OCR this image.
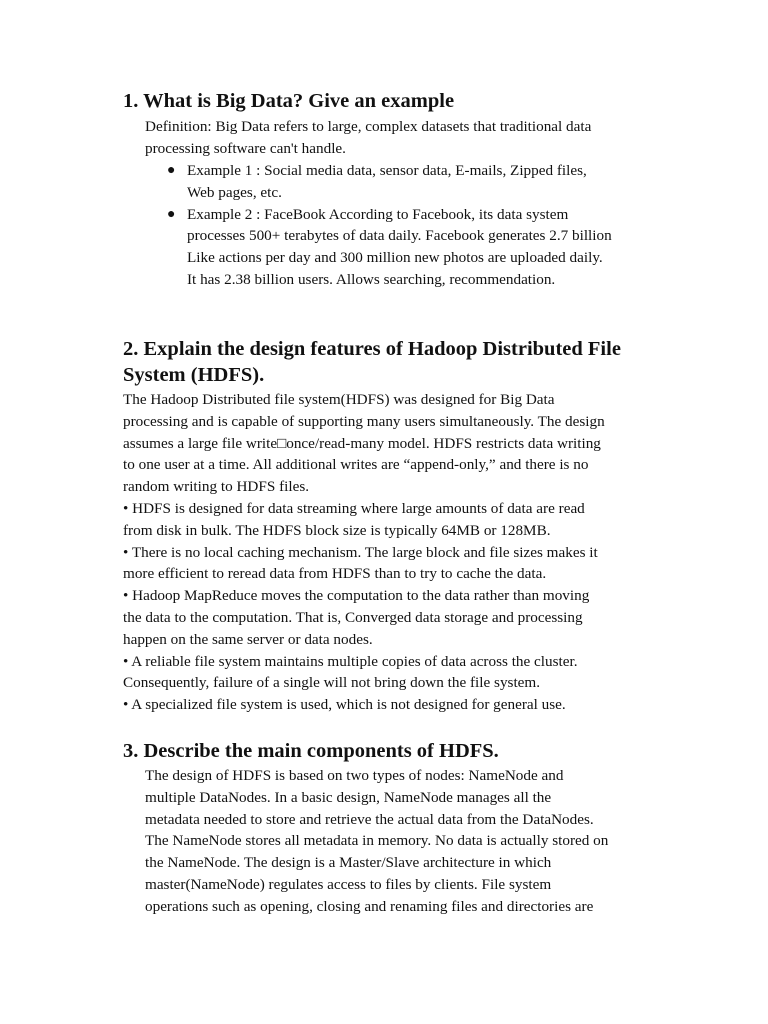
1. What is Big Data? Give an example

Definition: Big Data refers to large, complex datasets that traditional data
processing software can't handle.

● Example 1 : Social media data, sensor data, E-mails, Zipped files,
Web pages, etc.
● Example 2 : FaceBook According to Facebook, its data system
processes 500+ terabytes of data daily. Facebook generates 2.7 billion
Like actions per day and 300 million new photos are uploaded daily.
It has 2.38 billion users. Allows searching, recommendation.
2. Explain the design features of Hadoop Distributed File
System (HDFS).

The Hadoop Distributed file system(HDFS) was designed for Big Data
processing and is capable of supporting many users simultaneously. The design
assumes a large file write□once/read-many model. HDFS restricts data writing
to one user at a time. All additional writes are “append-only,” and there is no
random writing to HDFS files.
• HDFS is designed for data streaming where large amounts of data are read
from disk in bulk. The HDFS block size is typically 64MB or 128MB.
• There is no local caching mechanism. The large block and file sizes makes it
more efficient to reread data from HDFS than to try to cache the data.
• Hadoop MapReduce moves the computation to the data rather than moving
the data to the computation. That is, Converged data storage and processing
happen on the same server or data nodes.
• A reliable file system maintains multiple copies of data across the cluster.
Consequently, failure of a single will not bring down the file system.
• A specialized file system is used, which is not designed for general use.

3. Describe the main components of HDFS.

The design of HDFS is based on two types of nodes: NameNode and
multiple DataNodes. In a basic design, NameNode manages all the
metadata needed to store and retrieve the actual data from the DataNodes.
The NameNode stores all metadata in memory. No data is actually stored on
the NameNode. The design is a Master/Slave architecture in which
master(NameNode) regulates access to files by clients. File system
operations such as opening, closing and renaming files and directories are
